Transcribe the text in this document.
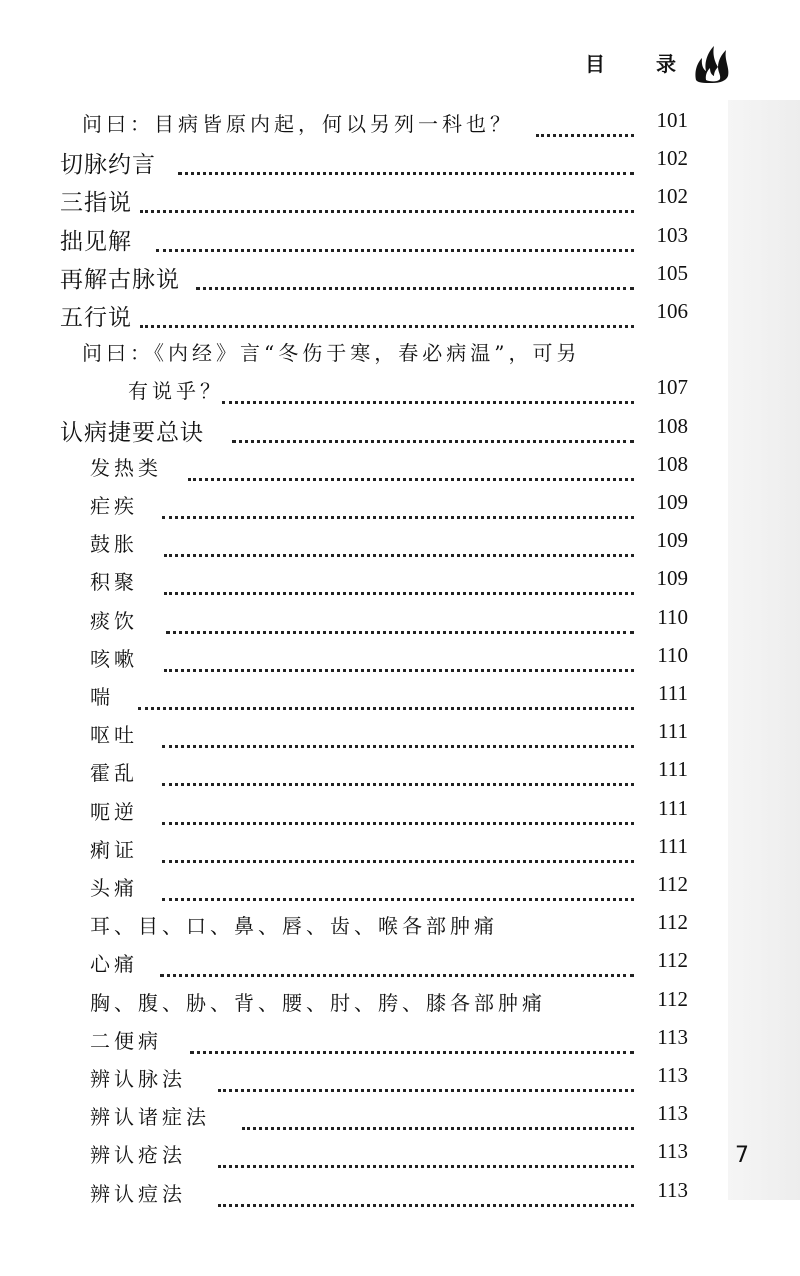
目 录
问曰：目病皆原内起，何以另列一科也？	101
切脉约言	102
三指说	102
拙见解	103
再解古脉说	105
五行说	106
问曰：《内经》言“冬伤于寒，春必病温”，可另
有说乎？	107
认病捷要总诀	108
发热类	108
疟疾	109
鼓胀	109
积聚	109
痰饮	110
咳嗽	110
喘	111
呕吐	111
霍乱	111
呃逆	111
痢证	111
头痛	112
耳、目、口、鼻、唇、齿、喉各部肿痛	112
心痛	112
胸、腹、胁、背、腰、肘、胯、膝各部肿痛	112
二便病	113
辨认脉法	113
辨认诸症法	113
辨认疮法	113
辨认痘法	113
7
